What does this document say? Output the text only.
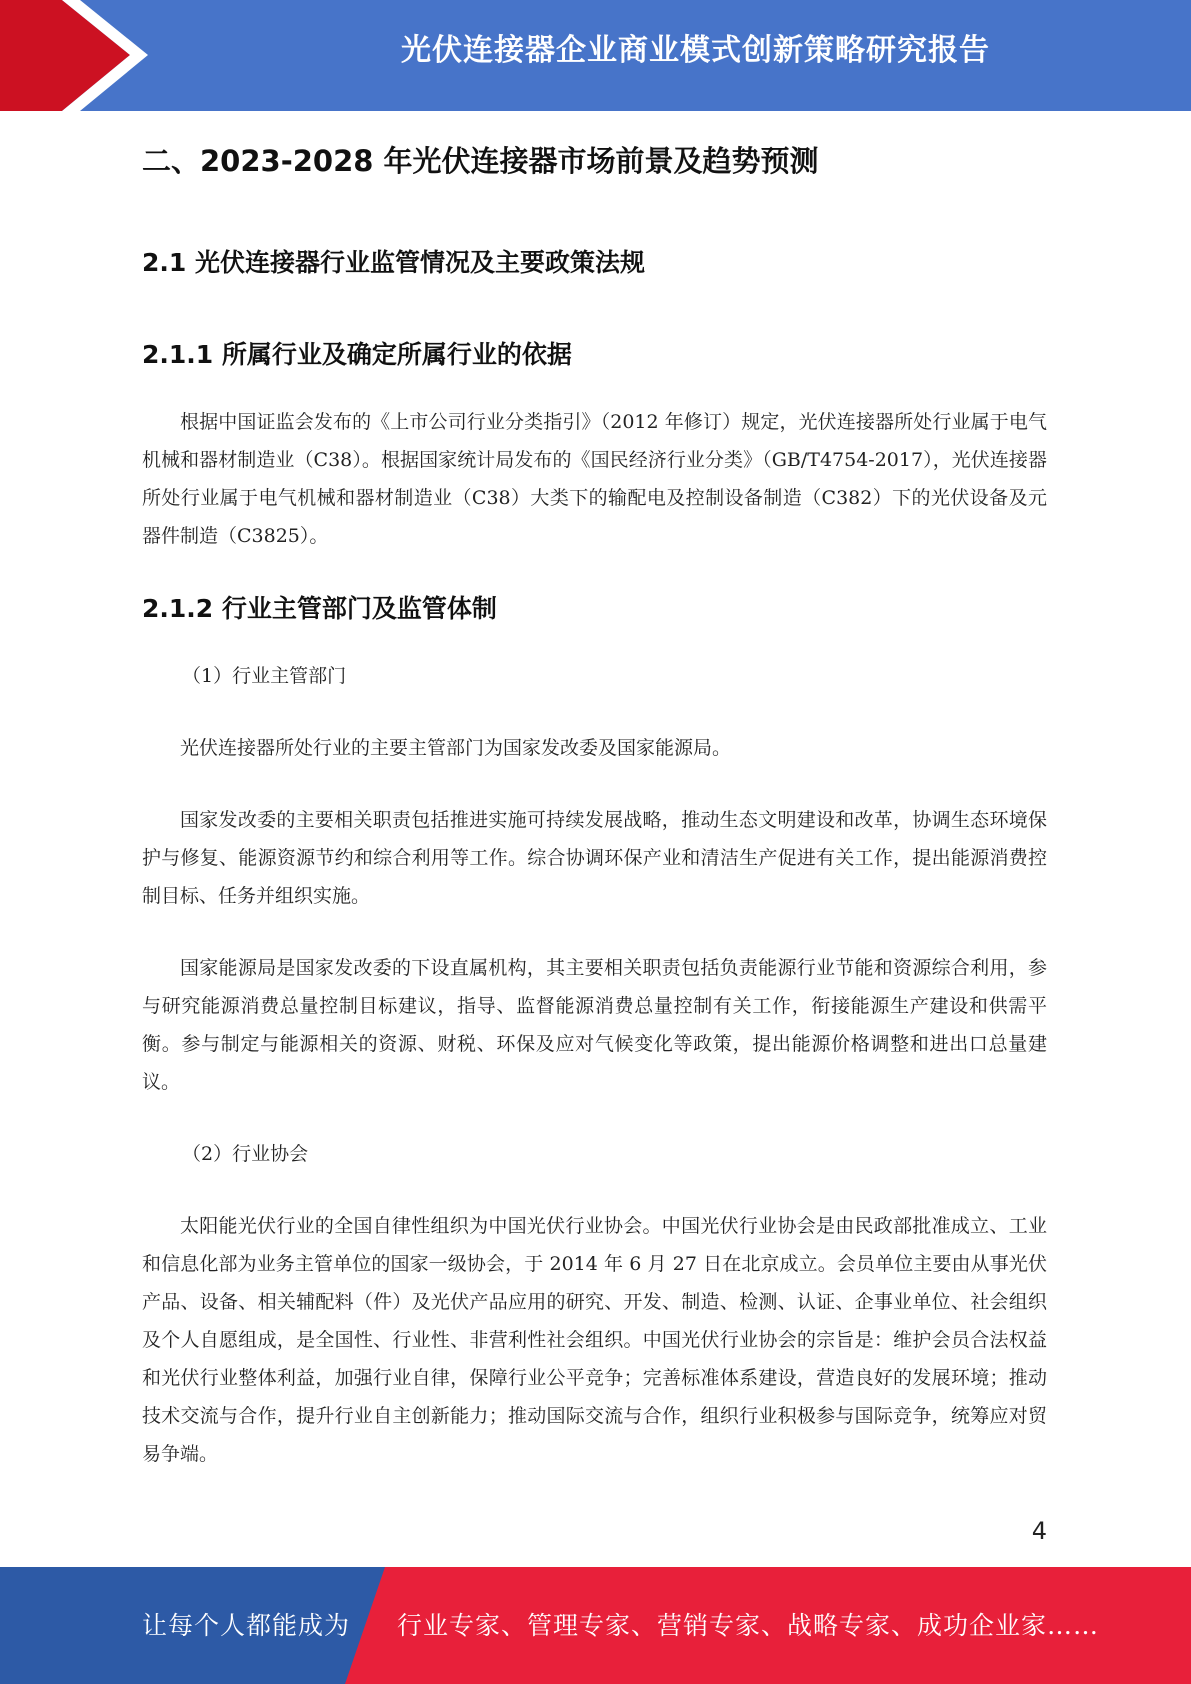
光伏连接器企业商业模式创新策略研究报告
二、2023-2028 年光伏连接器市场前景及趋势预测
2.1 光伏连接器行业监管情况及主要政策法规
2.1.1 所属行业及确定所属行业的依据

根据中国证监会发布的《上市公司行业分类指引》（2012 年修订）规定，光伏连接器所处行业属于电气机械和器材制造业（C38）。根据国家统计局发布的《国民经济行业分类》（GB/T4754-2017），光伏连接器所处行业属于电气机械和器材制造业（C38）大类下的输配电及控制设备制造（C382）下的光伏设备及元器件制造（C3825）。

2.1.2 行业主管部门及监管体制

（1）行业主管部门

光伏连接器所处行业的主要主管部门为国家发改委及国家能源局。

国家发改委的主要相关职责包括推进实施可持续发展战略，推动生态文明建设和改革，协调生态环境保护与修复、能源资源节约和综合利用等工作。综合协调环保产业和清洁生产促进有关工作，提出能源消费控制目标、任务并组织实施。

国家能源局是国家发改委的下设直属机构，其主要相关职责包括负责能源行业节能和资源综合利用，参与研究能源消费总量控制目标建议，指导、监督能源消费总量控制有关工作，衔接能源生产建设和供需平衡。参与制定与能源相关的资源、财税、环保及应对气候变化等政策，提出能源价格调整和进出口总量建议。

（2）行业协会

太阳能光伏行业的全国自律性组织为中国光伏行业协会。中国光伏行业协会是由民政部批准成立、工业和信息化部为业务主管单位的国家一级协会，于 2014 年 6 月 27 日在北京成立。会员单位主要由从事光伏产品、设备、相关辅配料（件）及光伏产品应用的研究、开发、制造、检测、认证、企事业单位、社会组织及个人自愿组成，是全国性、行业性、非营利性社会组织。中国光伏行业协会的宗旨是：维护会员合法权益和光伏行业整体利益，加强行业自律，保障行业公平竞争；完善标准体系建设，营造良好的发展环境；推动技术交流与合作，提升行业自主创新能力；推动国际交流与合作，组织行业积极参与国际竞争，统筹应对贸易争端。

4
让每个人都能成为 行业专家、管理专家、营销专家、战略专家、成功企业家……
